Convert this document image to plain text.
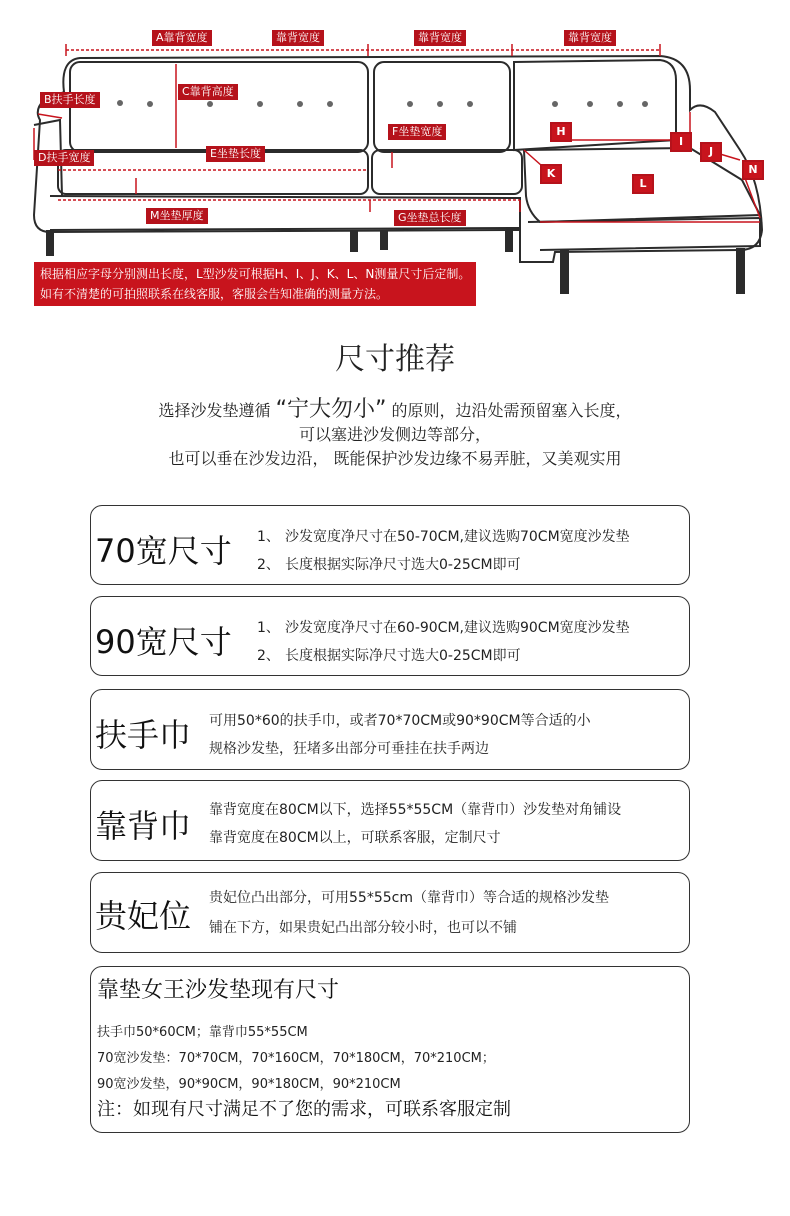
A靠背宽度	靠背宽度	靠背宽度	靠背宽度
B扶手长度
C靠背高度
D扶手宽度	E坐垫长度
F坐垫宽度
M坐垫厚度	G坐垫总长度
H
I
J
N
K
L
根据相应字母分别测出长度，L型沙发可根据H、I、J、K、L、N测量尺寸后定制。
如有不清楚的可拍照联系在线客服，客服会告知准确的测量方法。
尺寸推荐
选择沙发垫遵循 “宁大勿小” 的原则，边沿处需预留塞入长度，
可以塞进沙发侧边等部分，
也可以垂在沙发边沿， 既能保护沙发边缘不易弄脏，又美观实用
70宽尺寸 1、 沙发宽度净尺寸在50-70CM,建议选购70CM宽度沙发垫
2、 长度根据实际净尺寸选大0-25CM即可
90宽尺寸 1、 沙发宽度净尺寸在60-90CM,建议选购90CM宽度沙发垫
2、 长度根据实际净尺寸选大0-25CM即可
扶手巾 可用50*60的扶手巾，或者70*70CM或90*90CM等合适的小
规格沙发垫，狂堵多出部分可垂挂在扶手两边
靠背巾 靠背宽度在80CM以下，选择55*55CM（靠背巾）沙发垫对角铺设
靠背宽度在80CM以上，可联系客服，定制尺寸
贵妃位 贵妃位凸出部分，可用55*55cm（靠背巾）等合适的规格沙发垫
铺在下方，如果贵妃凸出部分较小时，也可以不铺
靠垫女王沙发垫现有尺寸
扶手巾50*60CM；靠背巾55*55CM
70宽沙发垫：70*70CM，70*160CM，70*180CM，70*210CM；
90宽沙发垫，90*90CM，90*180CM，90*210CM
注：如现有尺寸满足不了您的需求，可联系客服定制
